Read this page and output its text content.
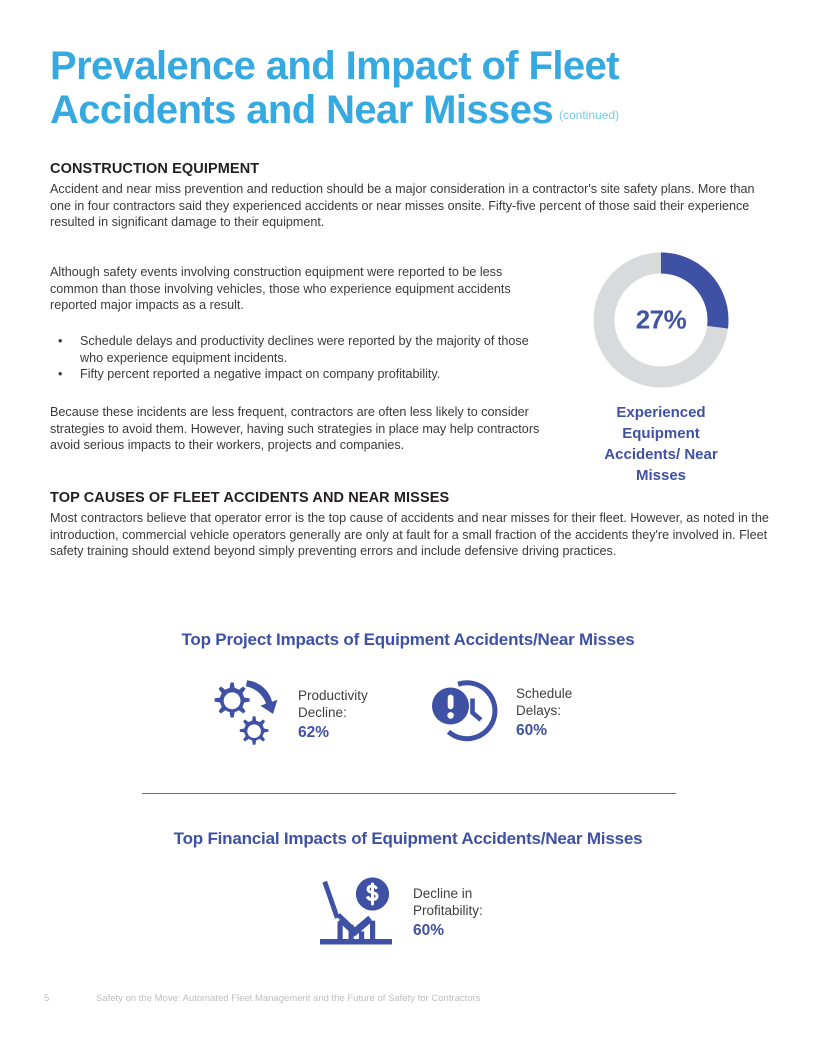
Prevalence and Impact of Fleet Accidents and Near Misses $^{(continued)}$
CONSTRUCTION EQUIPMENT

Accident and near miss prevention and reduction should be a major consideration in a contractor's site safety plans. More than one in four contractors said they experienced accidents or near misses onsite. Fifty-five percent of those said their experience resulted in significant damage to their equipment.

Although safety events involving construction equipment were reported to be less common than those involving vehicles, those who experience equipment accidents reported major impacts as a result.

• Schedule delays and productivity declines were reported by the majority of those who experience equipment incidents.
• Fifty percent reported a negative impact on company profitability.

Because these incidents are less frequent, contractors are often less likely to consider strategies to avoid them. However, having such strategies in place may help contractors avoid serious impacts to their workers, projects and companies.

27%
Experienced Equipment Accidents/ Near Misses
TOP CAUSES OF FLEET ACCIDENTS AND NEAR MISSES

Most contractors believe that operator error is the top cause of accidents and near misses for their fleet. However, as noted in the introduction, commercial vehicle operators generally are only at fault for a small fraction of the accidents they're involved in. Fleet safety training should extend beyond simply preventing errors and include defensive driving practices.

Top Project Impacts of Equipment Accidents/Near Misses
Productivity
Decline:
62%
Schedule
Delays:
60%
Top Financial Impacts of Equipment Accidents/Near Misses
Decline in
Profitability:
60%
5	Safety on the Move: Automated Fleet Management and the Future of Safety for Contractors
